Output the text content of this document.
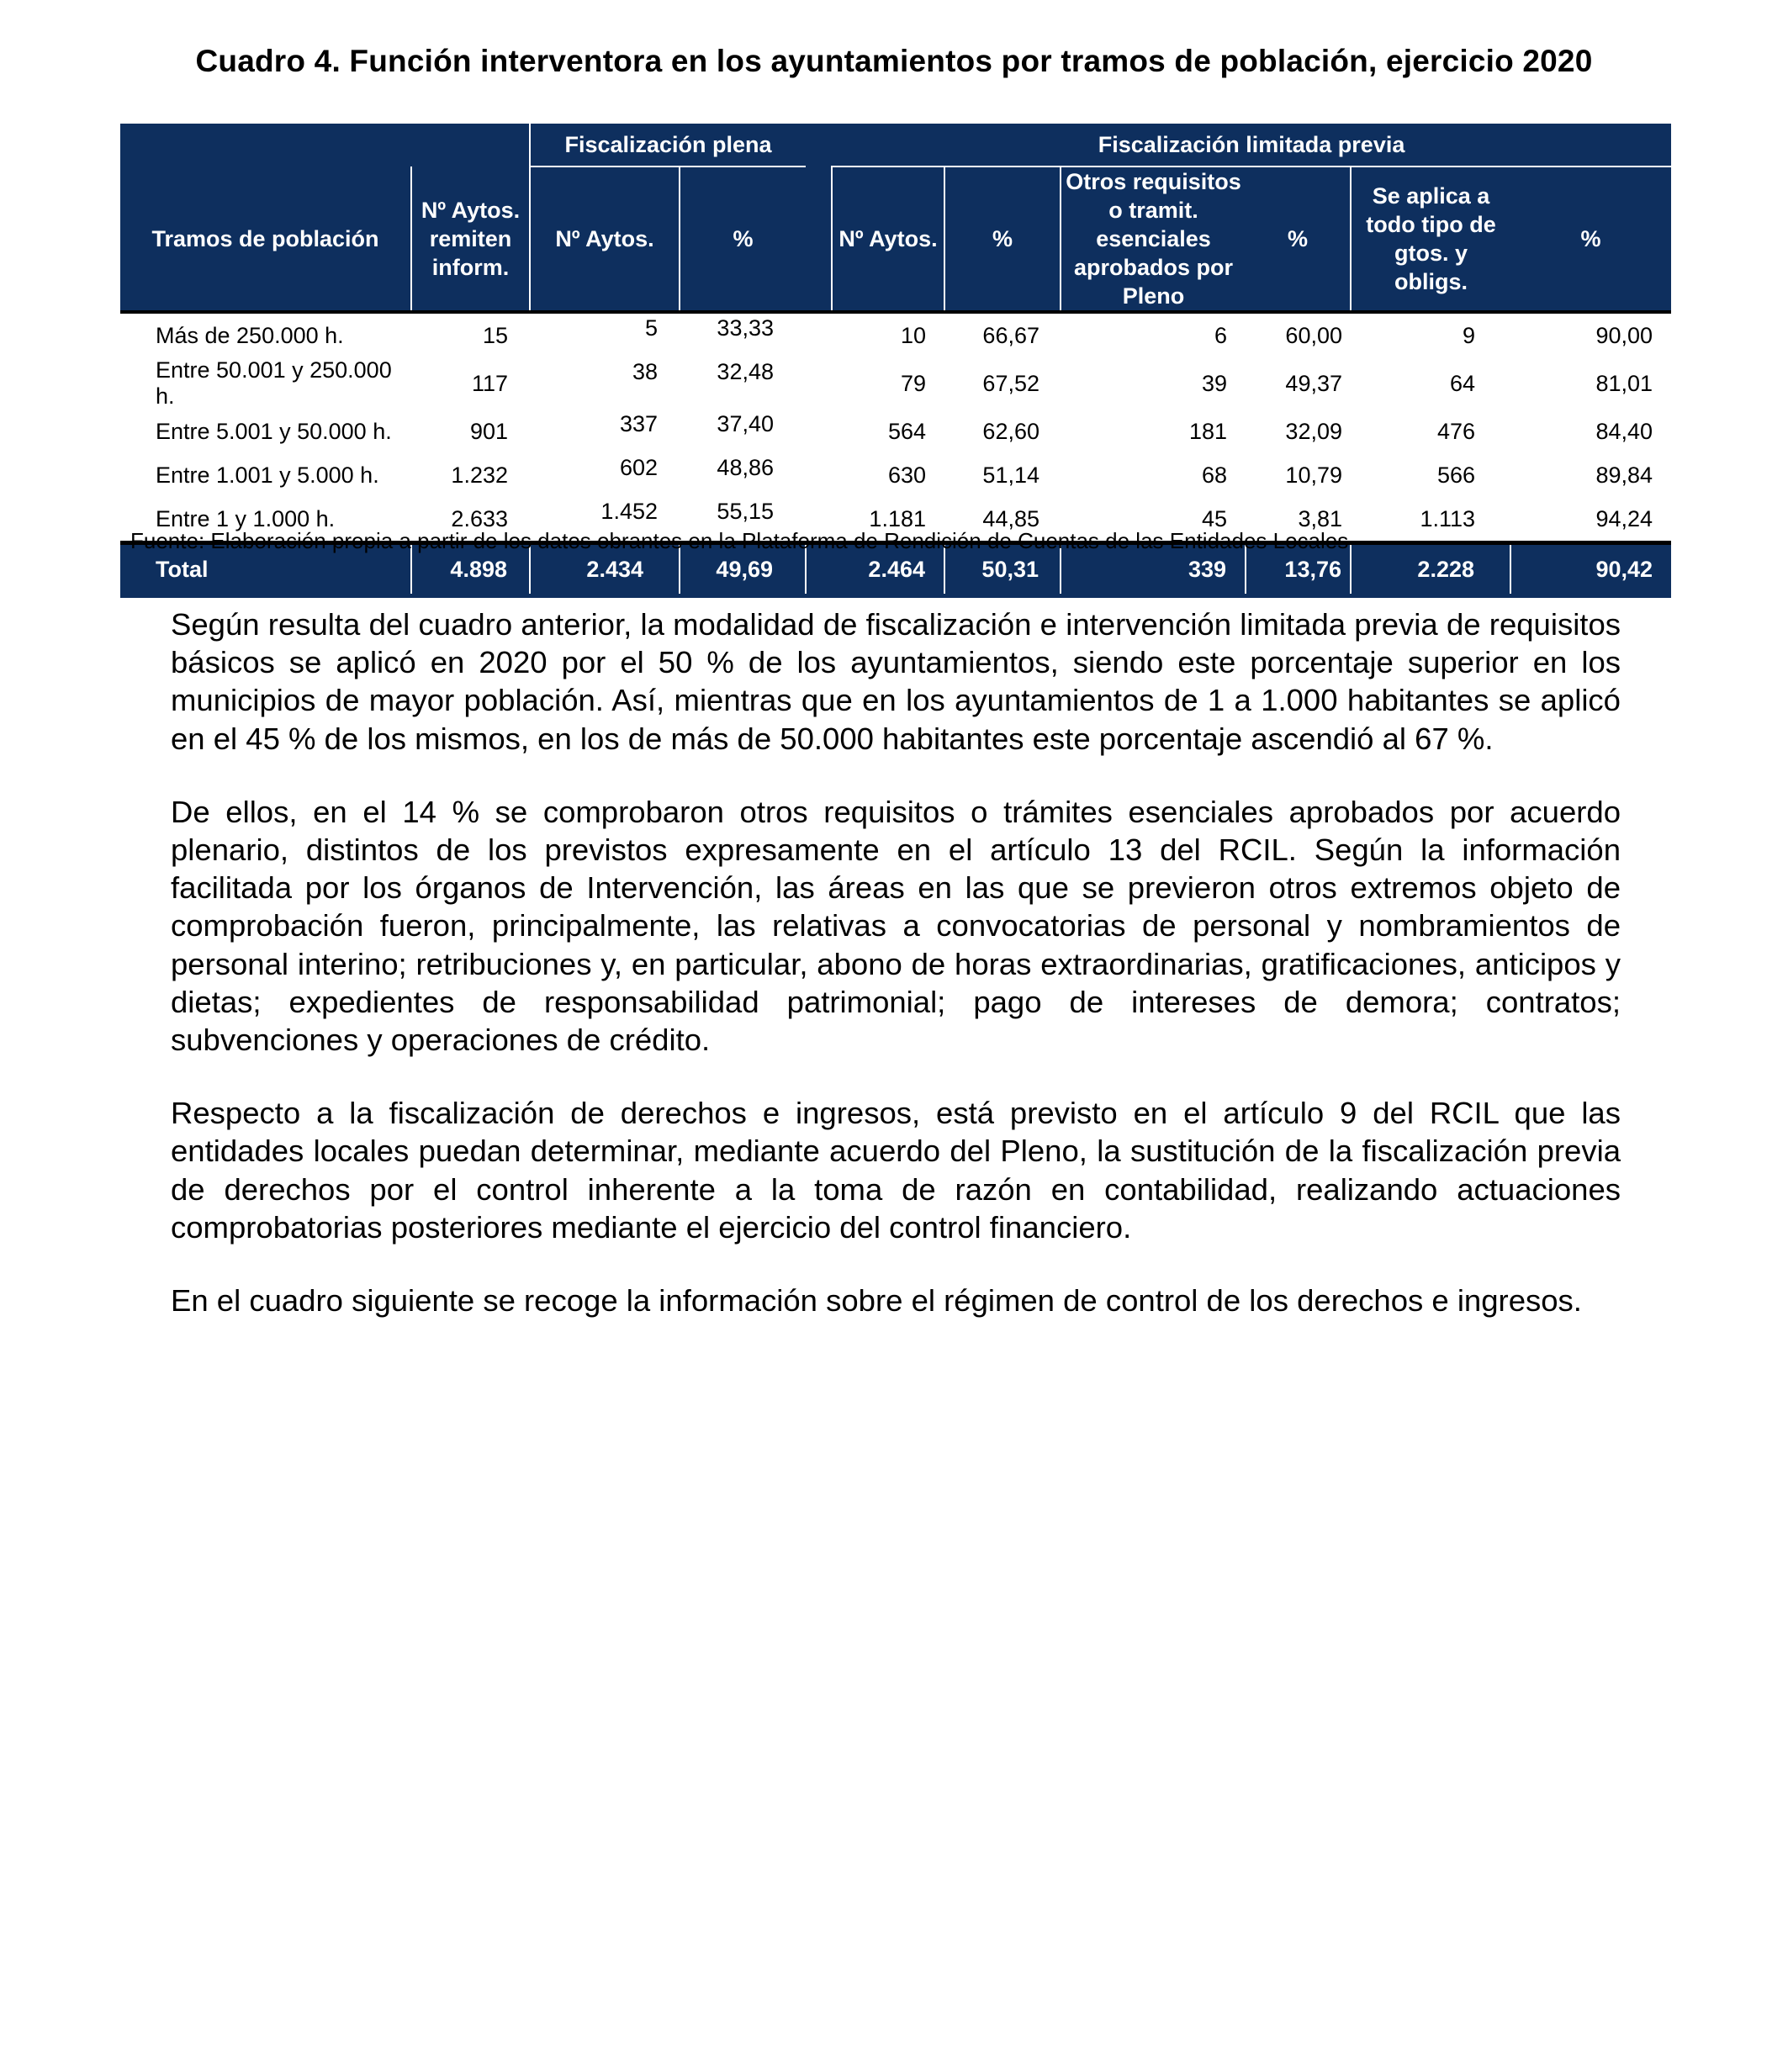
Cuadro 4. Función interventora en los ayuntamientos por tramos de población, ejercicio 2020
		Fiscalización plena			Fiscalización limitada previa					
Tramos de población	Nº Aytos. remiten inform.	Nº Aytos.	%		Nº Aytos.	%	Otros requisitos o tramit. esenciales aprobados por Pleno	%	Se aplica a todo tipo de gtos. y obligs.	%
Más de 250.000 h.	15	5	33,33	10		66,67	6	60,00	9	90,00
Entre 50.001 y 250.000 h.	117	38	32,48	79		67,52	39	49,37	64	81,01
Entre 5.001 y 50.000 h.	901	337	37,40	564		62,60	181	32,09	476	84,40
Entre 1.001 y 5.000 h.	1.232	602	48,86	630		51,14	68	10,79	566	89,84
Entre 1 y 1.000 h.	2.633	1.452	55,15	1.181		44,85	45	3,81	1.113	94,24
Total	4.898	2.434	49,69	2.464		50,31	339	13,76	2.228	90,42
Fuente: Elaboración propia a partir de los datos obrantes en la Plataforma de Rendición de Cuentas de las Entidades Locales

Según resulta del cuadro anterior, la modalidad de fiscalización e intervención limitada previa de requisitos básicos se aplicó en 2020 por el 50 % de los ayuntamientos, siendo este porcentaje superior en los municipios de mayor población. Así, mientras que en los ayuntamientos de 1 a 1.000 habitantes se aplicó en el 45 % de los mismos, en los de más de 50.000 habitantes este porcentaje ascendió al 67 %.

De ellos, en el 14 % se comprobaron otros requisitos o trámites esenciales aprobados por acuerdo plenario, distintos de los previstos expresamente en el artículo 13 del RCIL. Según la información facilitada por los órganos de Intervención, las áreas en las que se previeron otros extremos objeto de comprobación fueron, principalmente, las relativas a convocatorias de personal y nombramientos de personal interino; retribuciones y, en particular, abono de horas extraordinarias, gratificaciones, anticipos y dietas; expedientes de responsabilidad patrimonial; pago de intereses de demora; contratos; subvenciones y operaciones de crédito.

Respecto a la fiscalización de derechos e ingresos, está previsto en el artículo 9 del RCIL que las entidades locales puedan determinar, mediante acuerdo del Pleno, la sustitución de la fiscalización previa de derechos por el control inherente a la toma de razón en contabilidad, realizando actuaciones comprobatorias posteriores mediante el ejercicio del control financiero.

En el cuadro siguiente se recoge la información sobre el régimen de control de los derechos e ingresos.
